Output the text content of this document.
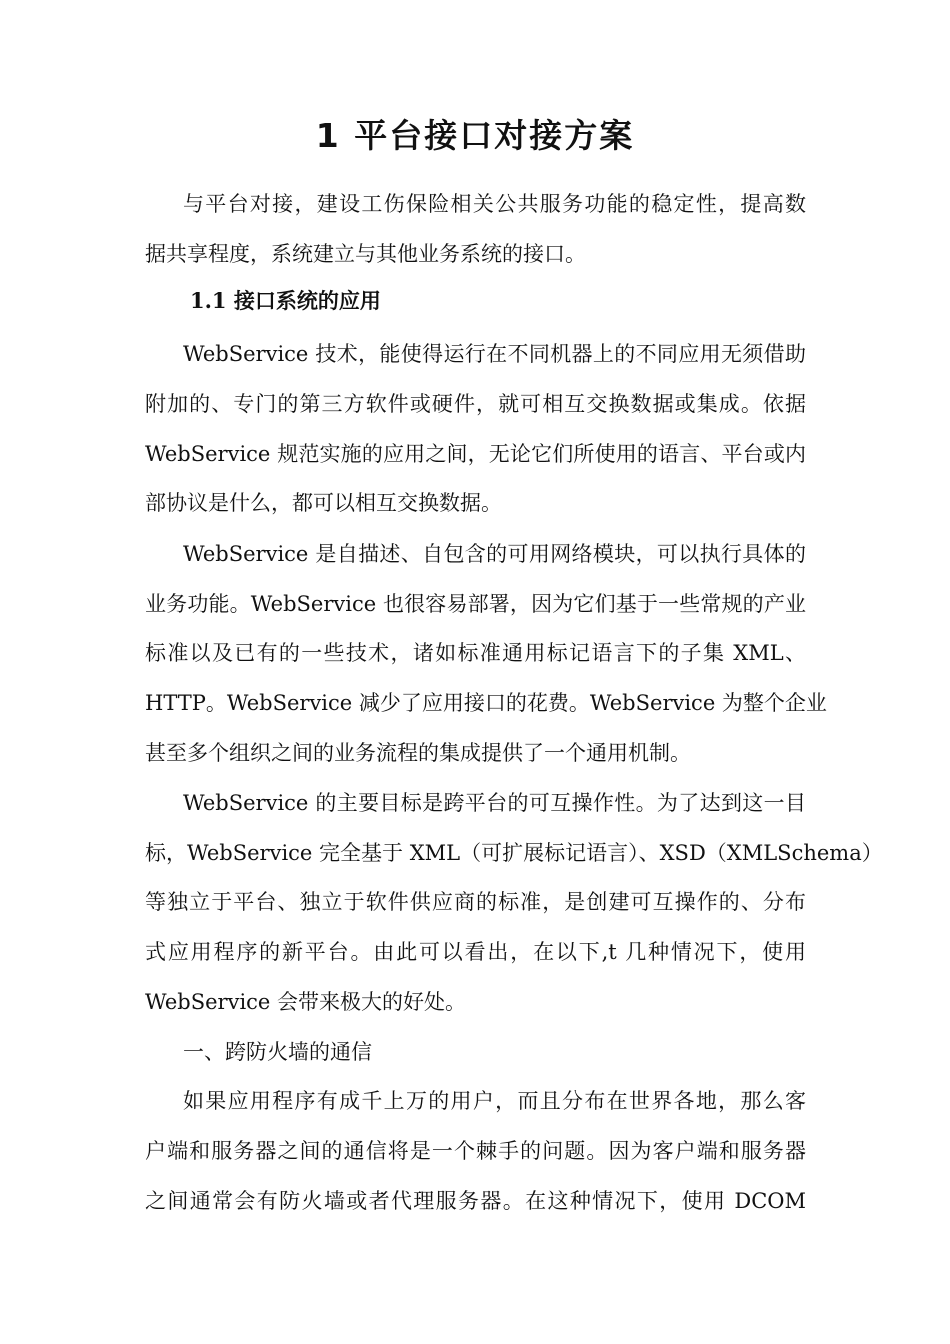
1 平台接口对接方案

与平台对接，建设工伤保险相关公共服务功能的稳定性，提高数

据共享程度，系统建立与其他业务系统的接口。

1.1 接口系统的应用

WebService 技术，能使得运行在不同机器上的不同应用无须借助

附加的、专门的第三方软件或硬件，就可相互交换数据或集成。依据

WebService 规范实施的应用之间，无论它们所使用的语言、平台或内

部协议是什么，都可以相互交换数据。

WebService 是自描述、自包含的可用网络模块，可以执行具体的

业务功能。WebService 也很容易部署，因为它们基于一些常规的产业

标准以及已有的一些技术，诸如标准通用标记语言下的子集 XML、

HTTP。WebService 减少了应用接口的花费。WebService 为整个企业

甚至多个组织之间的业务流程的集成提供了一个通用机制。

WebService 的主要目标是跨平台的可互操作性。为了达到这一目

标，WebService 完全基于 XML（可扩展标记语言）、XSD（XMLSchema）

等独立于平台、独立于软件供应商的标准，是创建可互操作的、分布

式应用程序的新平台。由此可以看出，在以下,t 几种情况下，使用

WebService 会带来极大的好处。

一、跨防火墙的通信

如果应用程序有成千上万的用户，而且分布在世界各地，那么客

户端和服务器之间的通信将是一个棘手的问题。因为客户端和服务器

之间通常会有防火墙或者代理服务器。在这种情况下，使用 DCOM
